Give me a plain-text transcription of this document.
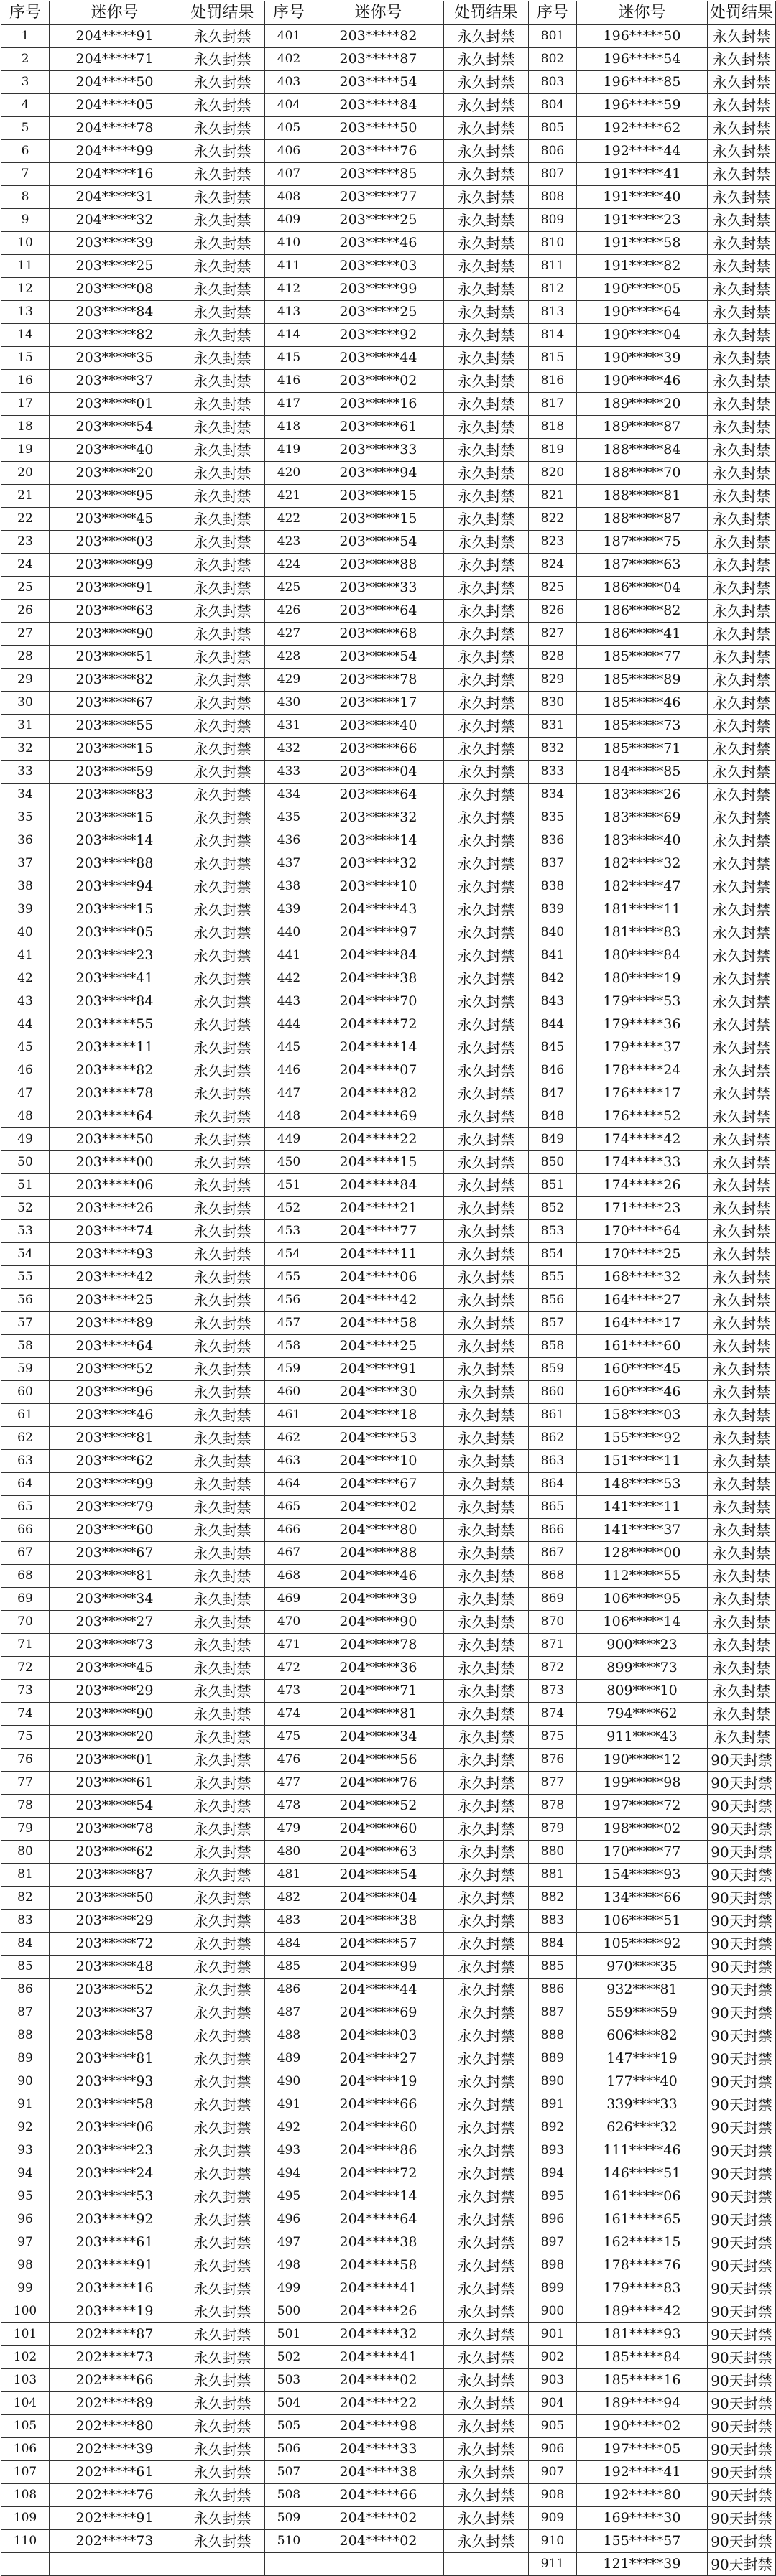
序号	迷你号	处罚结果	序号	迷你号	处罚结果	序号	迷你号	处罚结果
1	204*****91	永久封禁	401	203*****82	永久封禁	801	196*****50	永久封禁
2	204*****71	永久封禁	402	203*****87	永久封禁	802	196*****54	永久封禁
3	204*****50	永久封禁	403	203*****54	永久封禁	803	196*****85	永久封禁
4	204*****05	永久封禁	404	203*****84	永久封禁	804	196*****59	永久封禁
5	204*****78	永久封禁	405	203*****50	永久封禁	805	192*****62	永久封禁
6	204*****99	永久封禁	406	203*****76	永久封禁	806	192*****44	永久封禁
7	204*****16	永久封禁	407	203*****85	永久封禁	807	191*****41	永久封禁
8	204*****31	永久封禁	408	203*****77	永久封禁	808	191*****40	永久封禁
9	204*****32	永久封禁	409	203*****25	永久封禁	809	191*****23	永久封禁
10	203*****39	永久封禁	410	203*****46	永久封禁	810	191*****58	永久封禁
11	203*****25	永久封禁	411	203*****03	永久封禁	811	191*****82	永久封禁
12	203*****08	永久封禁	412	203*****99	永久封禁	812	190*****05	永久封禁
13	203*****84	永久封禁	413	203*****25	永久封禁	813	190*****64	永久封禁
14	203*****82	永久封禁	414	203*****92	永久封禁	814	190*****04	永久封禁
15	203*****35	永久封禁	415	203*****44	永久封禁	815	190*****39	永久封禁
16	203*****37	永久封禁	416	203*****02	永久封禁	816	190*****46	永久封禁
17	203*****01	永久封禁	417	203*****16	永久封禁	817	189*****20	永久封禁
18	203*****54	永久封禁	418	203*****61	永久封禁	818	189*****87	永久封禁
19	203*****40	永久封禁	419	203*****33	永久封禁	819	188*****84	永久封禁
20	203*****20	永久封禁	420	203*****94	永久封禁	820	188*****70	永久封禁
21	203*****95	永久封禁	421	203*****15	永久封禁	821	188*****81	永久封禁
22	203*****45	永久封禁	422	203*****15	永久封禁	822	188*****87	永久封禁
23	203*****03	永久封禁	423	203*****54	永久封禁	823	187*****75	永久封禁
24	203*****99	永久封禁	424	203*****88	永久封禁	824	187*****63	永久封禁
25	203*****91	永久封禁	425	203*****33	永久封禁	825	186*****04	永久封禁
26	203*****63	永久封禁	426	203*****64	永久封禁	826	186*****82	永久封禁
27	203*****90	永久封禁	427	203*****68	永久封禁	827	186*****41	永久封禁
28	203*****51	永久封禁	428	203*****54	永久封禁	828	185*****77	永久封禁
29	203*****82	永久封禁	429	203*****78	永久封禁	829	185*****89	永久封禁
30	203*****67	永久封禁	430	203*****17	永久封禁	830	185*****46	永久封禁
31	203*****55	永久封禁	431	203*****40	永久封禁	831	185*****73	永久封禁
32	203*****15	永久封禁	432	203*****66	永久封禁	832	185*****71	永久封禁
33	203*****59	永久封禁	433	203*****04	永久封禁	833	184*****85	永久封禁
34	203*****83	永久封禁	434	203*****64	永久封禁	834	183*****26	永久封禁
35	203*****15	永久封禁	435	203*****32	永久封禁	835	183*****69	永久封禁
36	203*****14	永久封禁	436	203*****14	永久封禁	836	183*****40	永久封禁
37	203*****88	永久封禁	437	203*****32	永久封禁	837	182*****32	永久封禁
38	203*****94	永久封禁	438	203*****10	永久封禁	838	182*****47	永久封禁
39	203*****15	永久封禁	439	204*****43	永久封禁	839	181*****11	永久封禁
40	203*****05	永久封禁	440	204*****97	永久封禁	840	181*****83	永久封禁
41	203*****23	永久封禁	441	204*****84	永久封禁	841	180*****84	永久封禁
42	203*****41	永久封禁	442	204*****38	永久封禁	842	180*****19	永久封禁
43	203*****84	永久封禁	443	204*****70	永久封禁	843	179*****53	永久封禁
44	203*****55	永久封禁	444	204*****72	永久封禁	844	179*****36	永久封禁
45	203*****11	永久封禁	445	204*****14	永久封禁	845	179*****37	永久封禁
46	203*****82	永久封禁	446	204*****07	永久封禁	846	178*****24	永久封禁
47	203*****78	永久封禁	447	204*****82	永久封禁	847	176*****17	永久封禁
48	203*****64	永久封禁	448	204*****69	永久封禁	848	176*****52	永久封禁
49	203*****50	永久封禁	449	204*****22	永久封禁	849	174*****42	永久封禁
50	203*****00	永久封禁	450	204*****15	永久封禁	850	174*****33	永久封禁
51	203*****06	永久封禁	451	204*****84	永久封禁	851	174*****26	永久封禁
52	203*****26	永久封禁	452	204*****21	永久封禁	852	171*****23	永久封禁
53	203*****74	永久封禁	453	204*****77	永久封禁	853	170*****64	永久封禁
54	203*****93	永久封禁	454	204*****11	永久封禁	854	170*****25	永久封禁
55	203*****42	永久封禁	455	204*****06	永久封禁	855	168*****32	永久封禁
56	203*****25	永久封禁	456	204*****42	永久封禁	856	164*****27	永久封禁
57	203*****89	永久封禁	457	204*****58	永久封禁	857	164*****17	永久封禁
58	203*****64	永久封禁	458	204*****25	永久封禁	858	161*****60	永久封禁
59	203*****52	永久封禁	459	204*****91	永久封禁	859	160*****45	永久封禁
60	203*****96	永久封禁	460	204*****30	永久封禁	860	160*****46	永久封禁
61	203*****46	永久封禁	461	204*****18	永久封禁	861	158*****03	永久封禁
62	203*****81	永久封禁	462	204*****53	永久封禁	862	155*****92	永久封禁
63	203*****62	永久封禁	463	204*****10	永久封禁	863	151*****11	永久封禁
64	203*****99	永久封禁	464	204*****67	永久封禁	864	148*****53	永久封禁
65	203*****79	永久封禁	465	204*****02	永久封禁	865	141*****11	永久封禁
66	203*****60	永久封禁	466	204*****80	永久封禁	866	141*****37	永久封禁
67	203*****67	永久封禁	467	204*****88	永久封禁	867	128*****00	永久封禁
68	203*****81	永久封禁	468	204*****46	永久封禁	868	112*****55	永久封禁
69	203*****34	永久封禁	469	204*****39	永久封禁	869	106*****95	永久封禁
70	203*****27	永久封禁	470	204*****90	永久封禁	870	106*****14	永久封禁
71	203*****73	永久封禁	471	204*****78	永久封禁	871	900****23	永久封禁
72	203*****45	永久封禁	472	204*****36	永久封禁	872	899****73	永久封禁
73	203*****29	永久封禁	473	204*****71	永久封禁	873	809****10	永久封禁
74	203*****90	永久封禁	474	204*****81	永久封禁	874	794****62	永久封禁
75	203*****20	永久封禁	475	204*****34	永久封禁	875	911****43	永久封禁
76	203*****01	永久封禁	476	204*****56	永久封禁	876	190*****12	90天封禁
77	203*****61	永久封禁	477	204*****76	永久封禁	877	199*****98	90天封禁
78	203*****54	永久封禁	478	204*****52	永久封禁	878	197*****72	90天封禁
79	203*****78	永久封禁	479	204*****60	永久封禁	879	198*****02	90天封禁
80	203*****62	永久封禁	480	204*****63	永久封禁	880	170*****77	90天封禁
81	203*****87	永久封禁	481	204*****54	永久封禁	881	154*****93	90天封禁
82	203*****50	永久封禁	482	204*****04	永久封禁	882	134*****66	90天封禁
83	203*****29	永久封禁	483	204*****38	永久封禁	883	106*****51	90天封禁
84	203*****72	永久封禁	484	204*****57	永久封禁	884	105*****92	90天封禁
85	203*****48	永久封禁	485	204*****99	永久封禁	885	970****35	90天封禁
86	203*****52	永久封禁	486	204*****44	永久封禁	886	932****81	90天封禁
87	203*****37	永久封禁	487	204*****69	永久封禁	887	559****59	90天封禁
88	203*****58	永久封禁	488	204*****03	永久封禁	888	606****82	90天封禁
89	203*****81	永久封禁	489	204*****27	永久封禁	889	147****19	90天封禁
90	203*****93	永久封禁	490	204*****19	永久封禁	890	177****40	90天封禁
91	203*****58	永久封禁	491	204*****66	永久封禁	891	339****33	90天封禁
92	203*****06	永久封禁	492	204*****60	永久封禁	892	626****32	90天封禁
93	203*****23	永久封禁	493	204*****86	永久封禁	893	111*****46	90天封禁
94	203*****24	永久封禁	494	204*****72	永久封禁	894	146*****51	90天封禁
95	203*****53	永久封禁	495	204*****14	永久封禁	895	161*****06	90天封禁
96	203*****92	永久封禁	496	204*****64	永久封禁	896	161*****65	90天封禁
97	203*****61	永久封禁	497	204*****38	永久封禁	897	162*****15	90天封禁
98	203*****91	永久封禁	498	204*****58	永久封禁	898	178*****76	90天封禁
99	203*****16	永久封禁	499	204*****41	永久封禁	899	179*****83	90天封禁
100	203*****19	永久封禁	500	204*****26	永久封禁	900	189*****42	90天封禁
101	202*****87	永久封禁	501	204*****32	永久封禁	901	181*****93	90天封禁
102	202*****73	永久封禁	502	204*****41	永久封禁	902	185*****84	90天封禁
103	202*****66	永久封禁	503	204*****02	永久封禁	903	185*****16	90天封禁
104	202*****89	永久封禁	504	204*****22	永久封禁	904	189*****94	90天封禁
105	202*****80	永久封禁	505	204*****98	永久封禁	905	190*****02	90天封禁
106	202*****39	永久封禁	506	204*****33	永久封禁	906	197*****05	90天封禁
107	202*****61	永久封禁	507	204*****38	永久封禁	907	192*****41	90天封禁
108	202*****76	永久封禁	508	204*****66	永久封禁	908	192*****80	90天封禁
109	202*****91	永久封禁	509	204*****02	永久封禁	909	169*****30	90天封禁
110	202*****73	永久封禁	510	204*****02	永久封禁	910	155*****57	90天封禁
						911	121*****39	90天封禁
